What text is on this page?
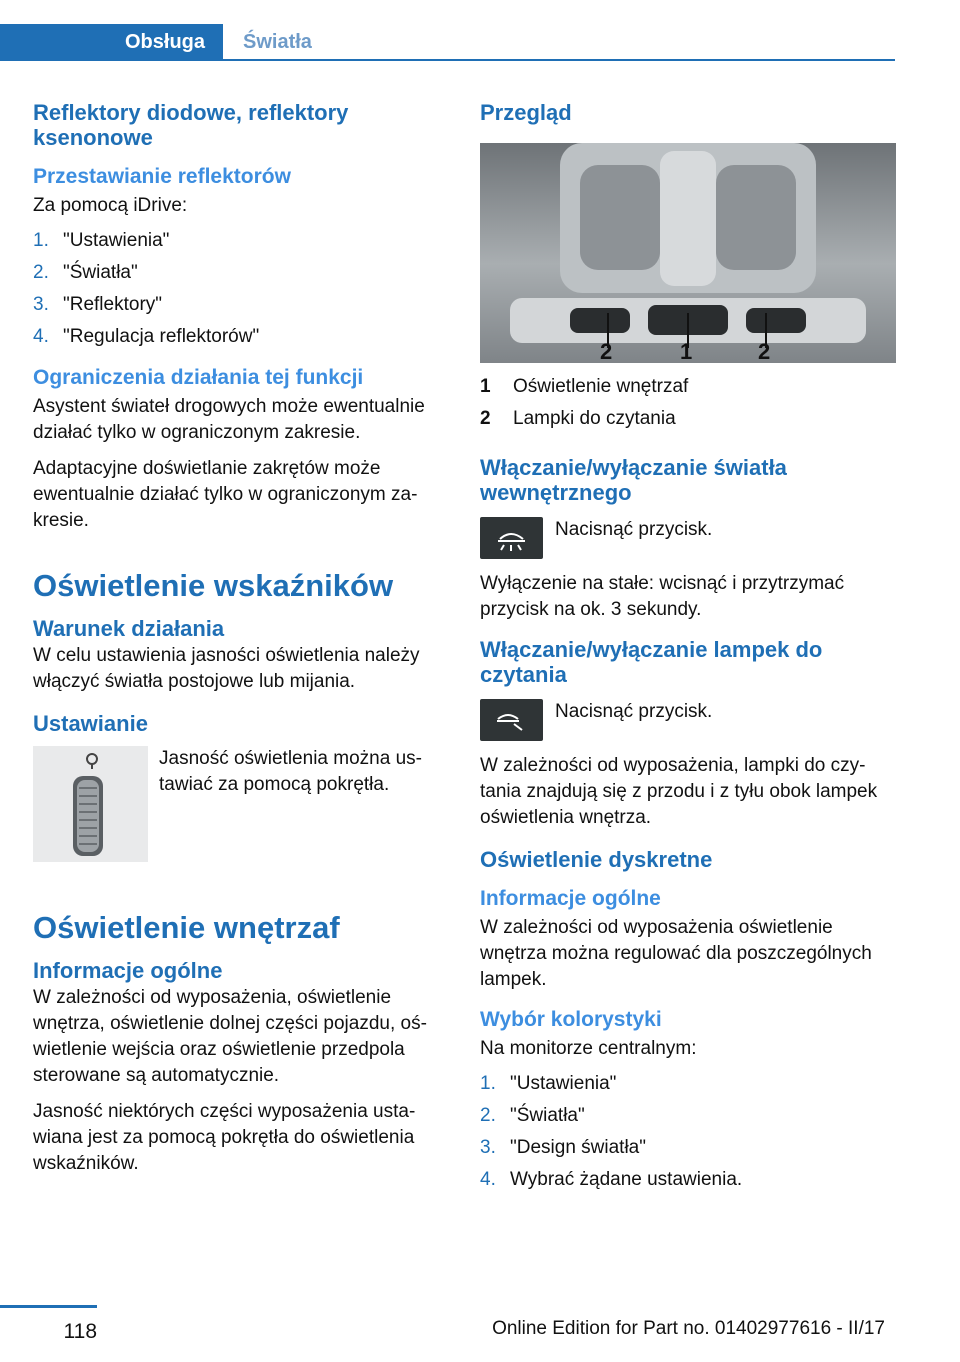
Obsługa	Światła
Reflektory diodowe, reflektory ksenonowe
Przestawianie reflektorów

Za pomocą iDrive:

1. "Ustawienia"
2. "Światła"
3. "Reflektory"
4. "Regulacja reflektorów"
Ograniczenia działania tej funkcji

Asystent świateł drogowych może ewentualnie działać tylko w ograniczonym zakresie.

Adaptacyjne doświetlanie zakrętów może ewentualnie działać tylko w ograniczonym zakresie.

Oświetlenie wskaźników
Warunek działania

W celu ustawienia jasności oświetlenia należy włączyć światła postojowe lub mijania.

Ustawianie

Jasność oświetlenia można ustawiać za pomocą pokrętła.

Oświetlenie wnętrzaf
Informacje ogólne

W zależności od wyposażenia, oświetlenie wnętrza, oświetlenie dolnej części pojazdu, oświetlenie wejścia oraz oświetlenie przedpola sterowane są automatycznie.

Jasność niektórych części wyposażenia ustawiana jest za pomocą pokrętła do oświetlenia wskaźników.

Przegląd
2	1	2
1	Oświetlenie wnętrzaf
2	Lampki do czytania
Włączanie/wyłączanie światła wewnętrznego

Nacisnąć przycisk.

Wyłączenie na stałe: wcisnąć i przytrzymać przycisk na ok. 3 sekundy.

Włączanie/wyłączanie lampek do czytania

Nacisnąć przycisk.

W zależności od wyposażenia, lampki do czytania znajdują się z przodu i z tyłu obok lampek oświetlenia wnętrza.

Oświetlenie dyskretne
Informacje ogólne

W zależności od wyposażenia oświetlenie wnętrza można regulować dla poszczególnych lampek.

Wybór kolorystyki

Na monitorze centralnym:

1. "Ustawienia"
2. "Światła"
3. "Design światła"
4. Wybrać żądane ustawienia.
118	Online Edition for Part no. 01402977616 - II/17
